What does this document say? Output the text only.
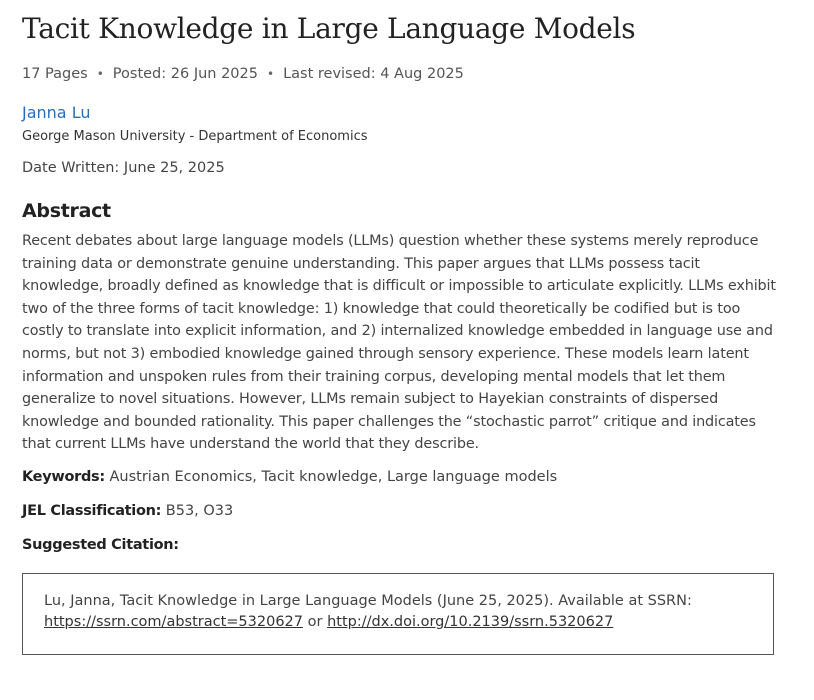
Tacit Knowledge in Large Language Models
17 Pages • Posted: 26 Jun 2025 • Last revised: 4 Aug 2025
Janna Lu
George Mason University - Department of Economics
Date Written: June 25, 2025
Abstract
Recent debates about large language models (LLMs) question whether these systems merely reproduce training data or demonstrate genuine understanding. This paper argues that LLMs possess tacit knowledge, broadly defined as knowledge that is difficult or impossible to articulate explicitly. LLMs exhibit two of the three forms of tacit knowledge: 1) knowledge that could theoretically be codified but is too costly to translate into explicit information, and 2) internalized knowledge embedded in language use and norms, but not 3) embodied knowledge gained through sensory experience. These models learn latent information and unspoken rules from their training corpus, developing mental models that let them generalize to novel situations. However, LLMs remain subject to Hayekian constraints of dispersed knowledge and bounded rationality. This paper challenges the “stochastic parrot” critique and indicates that current LLMs have understand the world that they describe.
Keywords: Austrian Economics, Tacit knowledge, Large language models
JEL Classification: B53, O33
Suggested Citation:
Lu, Janna, Tacit Knowledge in Large Language Models (June 25, 2025). Available at SSRN:
https://ssrn.com/abstract=5320627 or http://dx.doi.org/10.2139/ssrn.5320627
